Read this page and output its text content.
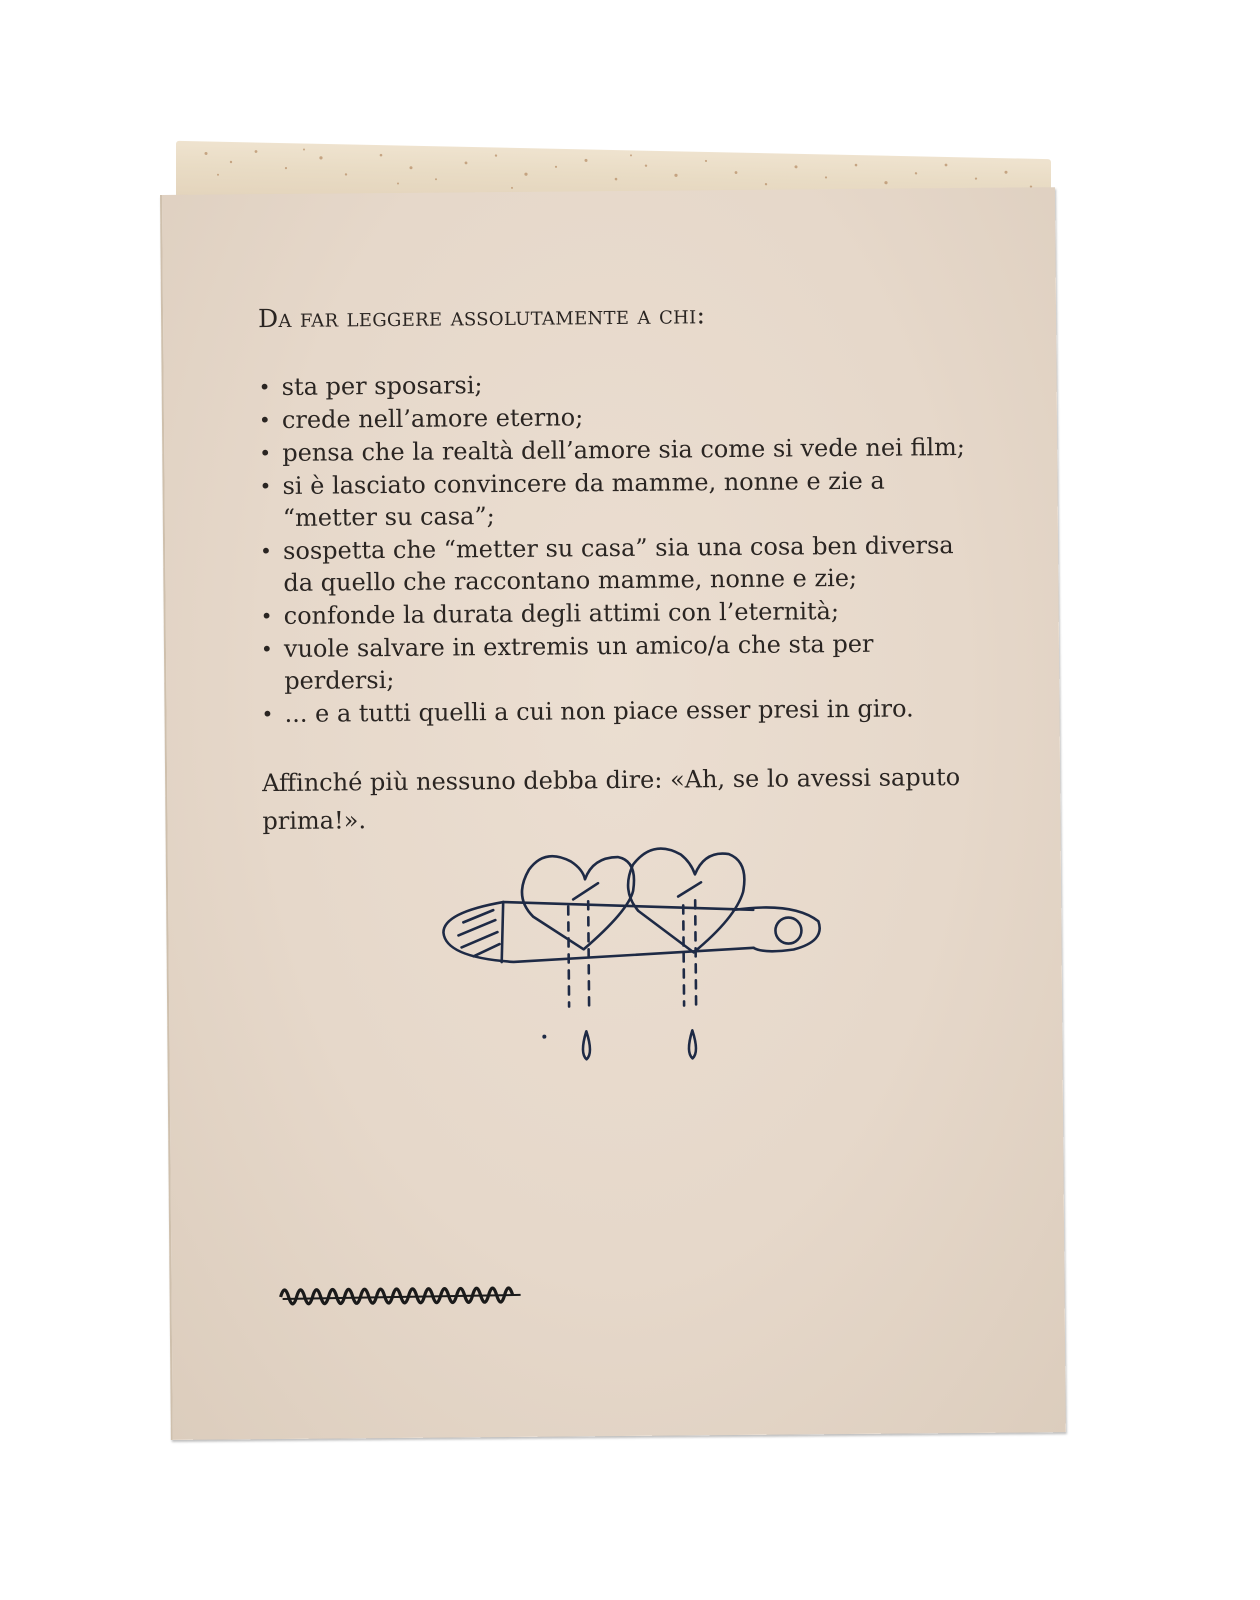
Da far leggere assolutamente a chi:
• sta per sposarsi;
• crede nell’amore eterno;
• pensa che la realtà dell’amore sia come si vede nei film;
• si è lasciato convincere da mamme, nonne e zie a “metter su casa”;
• sospetta che “metter su casa” sia una cosa ben diversa da quello che raccontano mamme, nonne e zie;
• confonde la durata degli attimi con l’eternità;
• vuole salvare in extremis un amico/a che sta per perdersi;
• ... e a tutti quelli a cui non piace esser presi in giro.
Affinché più nessuno debba dire: «Ah, se lo avessi saputo prima!».
